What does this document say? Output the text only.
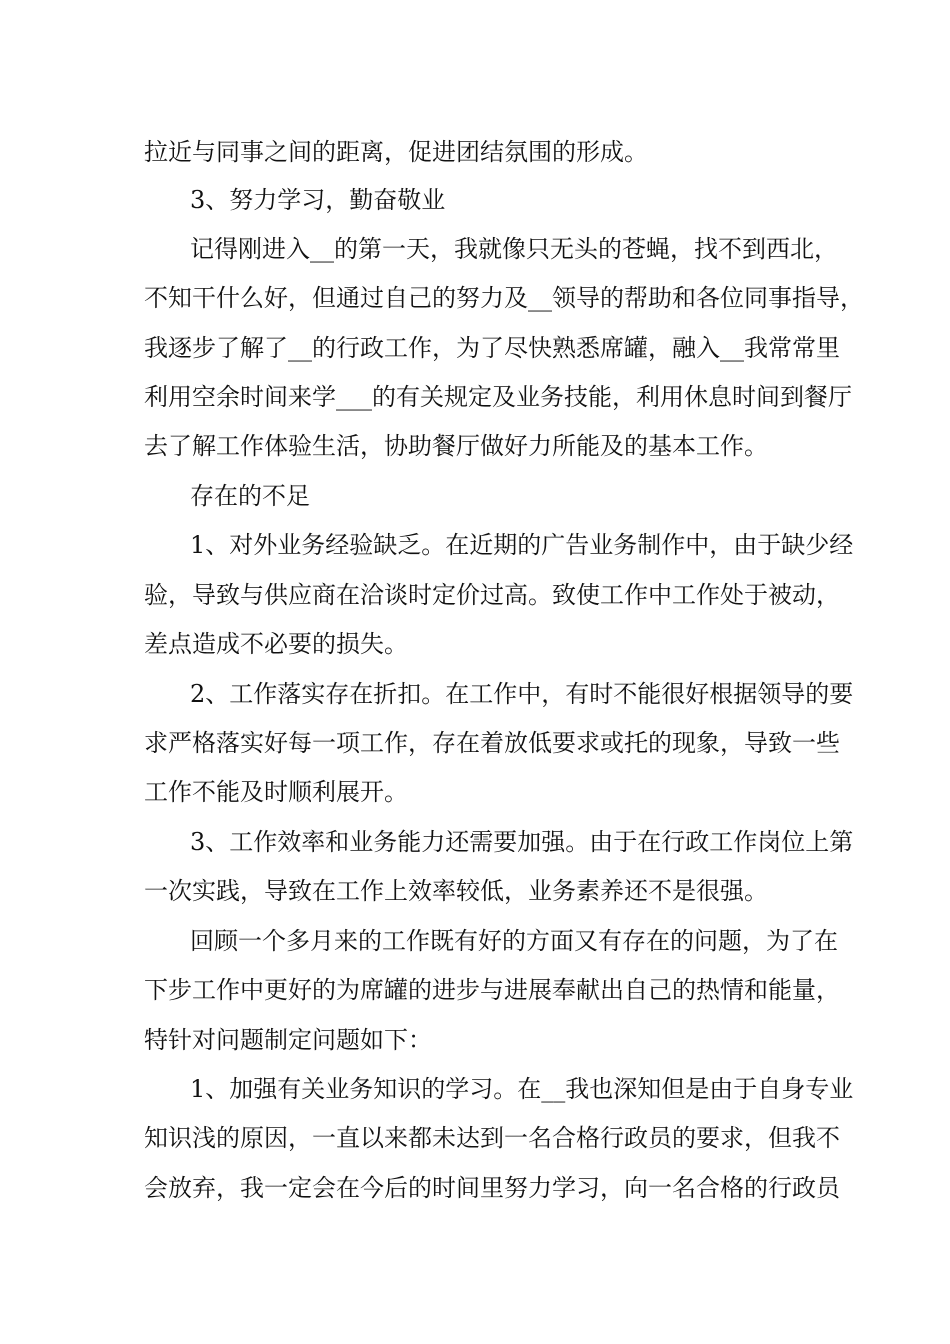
拉近与同事之间的距离，促进团结氛围的形成。
3、努力学习，勤奋敬业
记得刚进入__的第一天，我就像只无头的苍蝇，找不到西北，
不知干什么好，但通过自己的努力及__领导的帮助和各位同事指导，
我逐步了解了__的行政工作，为了尽快熟悉席罐，融入__我常常里
利用空余时间来学___的有关规定及业务技能，利用休息时间到餐厅
去了解工作体验生活，协助餐厅做好力所能及的基本工作。
存在的不足
1、对外业务经验缺乏。在近期的广告业务制作中，由于缺少经
验，导致与供应商在洽谈时定价过高。致使工作中工作处于被动，
差点造成不必要的损失。
2、工作落实存在折扣。在工作中，有时不能很好根据领导的要
求严格落实好每一项工作，存在着放低要求或托的现象，导致一些
工作不能及时顺利展开。
3、工作效率和业务能力还需要加强。由于在行政工作岗位上第
一次实践，导致在工作上效率较低，业务素养还不是很强。
回顾一个多月来的工作既有好的方面又有存在的问题，为了在
下步工作中更好的为席罐的进步与进展奉献出自己的热情和能量，
特针对问题制定问题如下：
1、加强有关业务知识的学习。在__我也深知但是由于自身专业
知识浅的原因，一直以来都未达到一名合格行政员的要求，但我不
会放弃，我一定会在今后的时间里努力学习，向一名合格的行政员
